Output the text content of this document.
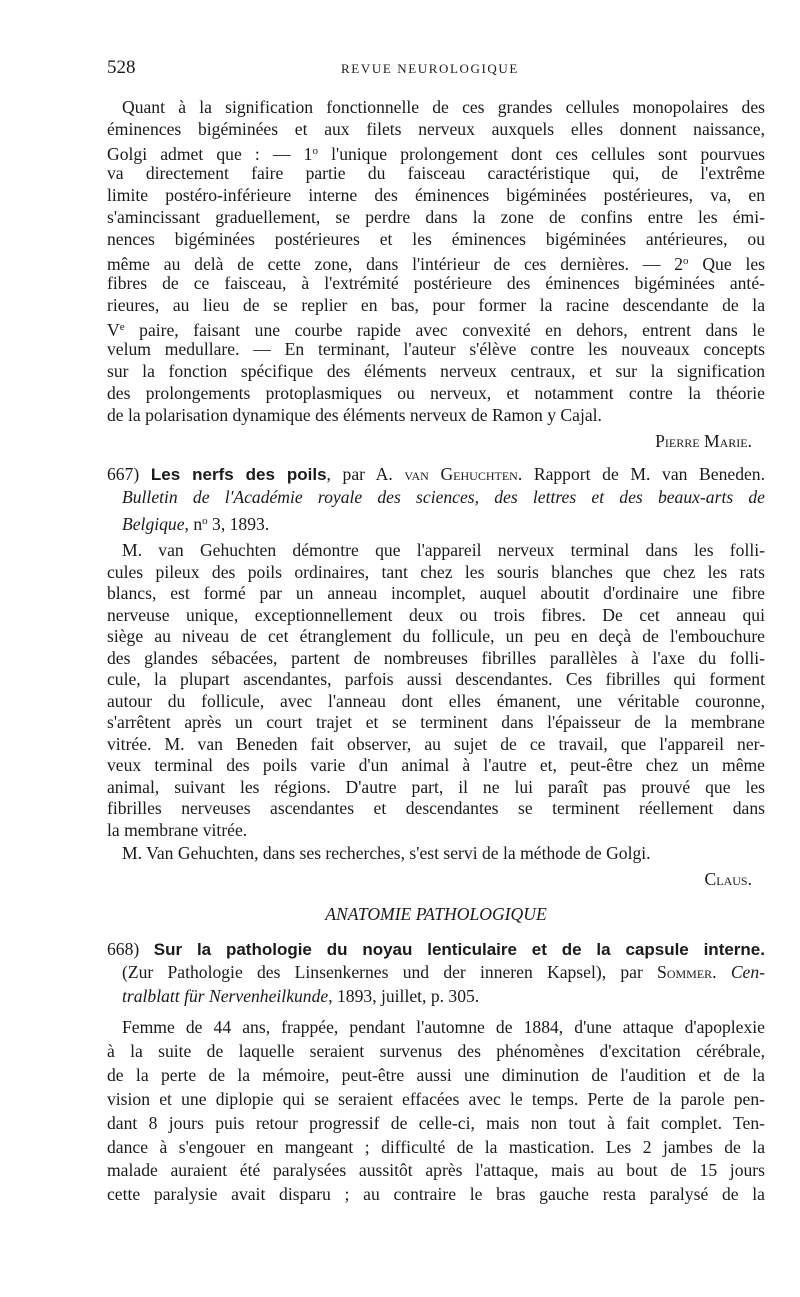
528	REVUE NEUROLOGIQUE
Quant à la signification fonctionnelle de ces grandes cellules monopolaires des
éminences bigéminées et aux filets nerveux auxquels elles donnent naissance,
Golgi admet que : — 1$^o$ l'unique prolongement dont ces cellules sont pourvues
va directement faire partie du faisceau caractéristique qui, de l'extrême
limite postéro-inférieure interne des éminences bigéminées postérieures, va, en
s'amincissant graduellement, se perdre dans la zone de confins entre les émi-
nences bigéminées postérieures et les éminences bigéminées antérieures, ou
même au delà de cette zone, dans l'intérieur de ces dernières. — 2$^o$ Que les
fibres de ce faisceau, à l'extrémité postérieure des éminences bigéminées anté-
rieures, au lieu de se replier en bas, pour former la racine descendante de la
Ve paire, faisant une courbe rapide avec convexité en dehors, entrent dans le
velum medullare. — En terminant, l'auteur s'élève contre les nouveaux concepts
sur la fonction spécifique des éléments nerveux centraux, et sur la signification
des prolongements protoplasmiques ou nerveux, et notamment contre la théorie
de la polarisation dynamique des éléments nerveux de Ramon y Cajal.
Pierre Marie.
667) Les nerfs des poils, par A. van Gehuchten. Rapport de M. van Beneden.
Bulletin de l'Académie royale des sciences, des lettres et des beaux-arts de
Belgique, $n^o$ 3, 1893.
M. van Gehuchten démontre que l'appareil nerveux terminal dans les folli-
cules pileux des poils ordinaires, tant chez les souris blanches que chez les rats
blancs, est formé par un anneau incomplet, auquel aboutit d'ordinaire une fibre
nerveuse unique, exceptionnellement deux ou trois fibres. De cet anneau qui
siège au niveau de cet étranglement du follicule, un peu en deçà de l'embouchure
des glandes sébacées, partent de nombreuses fibrilles parallèles à l'axe du folli-
cule, la plupart ascendantes, parfois aussi descendantes. Ces fibrilles qui forment
autour du follicule, avec l'anneau dont elles émanent, une véritable couronne,
s'arrêtent après un court trajet et se terminent dans l'épaisseur de la membrane
vitrée. M. van Beneden fait observer, au sujet de ce travail, que l'appareil ner-
veux terminal des poils varie d'un animal à l'autre et, peut-être chez un même
animal, suivant les régions. D'autre part, il ne lui paraît pas prouvé que les
fibrilles nerveuses ascendantes et descendantes se terminent réellement dans
la membrane vitrée.
M. Van Gehuchten, dans ses recherches, s'est servi de la méthode de Golgi.
Claus.
ANATOMIE PATHOLOGIQUE
668) Sur la pathologie du noyau lenticulaire et de la capsule interne.
(Zur Pathologie des Linsenkernes und der inneren Kapsel), par Sommer. Cen-
tralblatt für Nervenheilkunde, 1893, juillet, p. 305.
Femme de 44 ans, frappée, pendant l'automne de 1884, d'une attaque d'apoplexie
à la suite de laquelle seraient survenus des phénomènes d'excitation cérébrale,
de la perte de la mémoire, peut-être aussi une diminution de l'audition et de la
vision et une diplopie qui se seraient effacées avec le temps. Perte de la parole pen-
dant 8 jours puis retour progressif de celle-ci, mais non tout à fait complet. Ten-
dance à s'engouer en mangeant ; difficulté de la mastication. Les 2 jambes de la
malade auraient été paralysées aussitôt après l'attaque, mais au bout de 15 jours
cette paralysie avait disparu ; au contraire le bras gauche resta paralysé de la
